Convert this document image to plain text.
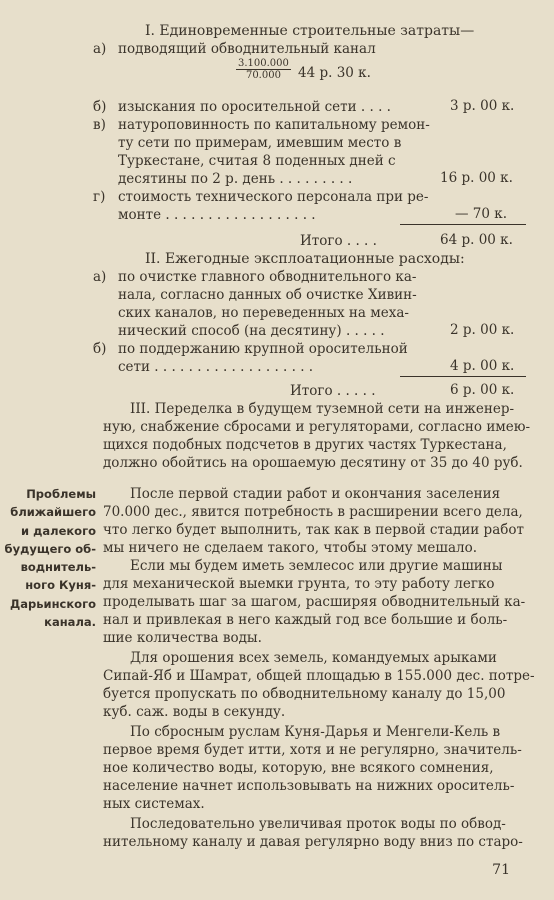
I. Единовременные строительные затраты—
а) подводящий обводнительный канал
$\frac{3.100.000}{70.000} 44$ р. 30 к.
б) изыскания по оросительной сети . . . .	3 р. 00 к.
в) натуроповинность по капитальному ремон-
ту сети по примерам, имевшим место в
Туркестане, считая 8 поденных дней с
десятины по 2 р. день . . . . . . . . .	16 р. 00 к.
г) стоимость технического персонала при ре-
монте . . . . . . . . . . . . . . . . . .	— 70 к.
Итого . . . .	64 р. 00 к.
II. Ежегодные эксплоатационные расходы:
а) по очистке главного обводнительного ка-
нала, согласно данных об очистке Хивин-
ских каналов, но переведенных на меха-
нический способ (на десятину) . . . . .	2 р. 00 к.
б) по поддержанию крупной оросительной
сети . . . . . . . . . . . . . . . . . . .	4 р. 00 к.
Итого . . . . .	6 р. 00 к.
III. Переделка в будущем туземной сети на инженер-
ную, снабжение сбросами и регуляторами, согласно имею-
щихся подобных подсчетов в других частях Туркестана,
должно обойтись на орошаемую десятину от 35 до 40 руб.
Проблемы
ближайшего
и далекого
будущего об-
воднитель-
ного Куня-
Дарьинского
канала.
После первой стадии работ и окончания заселения
70.000 дес., явится потребность в расширении всего дела,
что легко будет выполнить, так как в первой стадии работ
мы ничего не сделаем такого, чтобы этому мешало.
Если мы будем иметь землесос или другие машины
для механической выемки грунта, то эту работу легко
проделывать шаг за шагом, расширяя обводнительный ка-
нал и привлекая в него каждый год все большие и боль-
шие количества воды.
Для орошения всех земель, командуемых арыками
Сипай-Яб и Шамрат, общей площадью в 155.000 дес. потре-
буется пропускать по обводнительному каналу до 15,00
куб. саж. воды в секунду.
По сбросным руслам Куня-Дарья и Менгели-Кель в
первое время будет итти, хотя и не регулярно, значитель-
ное количество воды, которую, вне всякого сомнения,
население начнет использовывать на нижних ороситель-
ных системах.
Последовательно увеличивая проток воды по обвод-
нительному каналу и давая регулярно воду вниз по старо-
71
